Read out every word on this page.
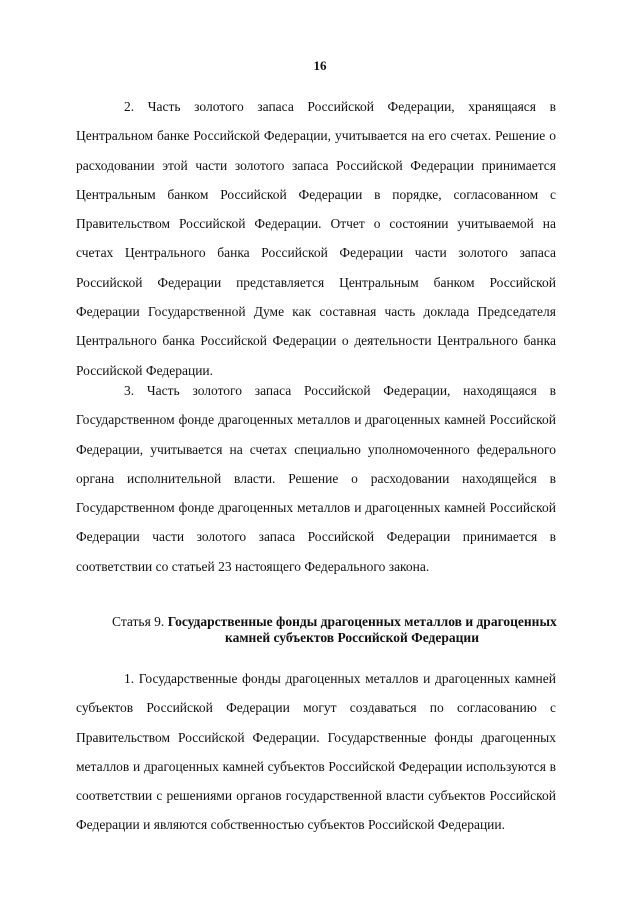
16

2. Часть золотого запаса Российской Федерации, хранящаяся в Центральном банке Российской Федерации, учитывается на его счетах. Решение о расходовании этой части золотого запаса Российской Федерации принимается Центральным банком Российской Федерации в порядке, согласованном с Правительством Российской Федерации. Отчет о состоянии учитываемой на счетах Центрального банка Российской Федерации части золотого запаса Российской Федерации представляется Центральным банком Российской Федерации Государственной Думе как составная часть доклада Председателя Центрального банка Российской Федерации о деятельности Центрального банка Российской Федерации.

3. Часть золотого запаса Российской Федерации, находящаяся в Государственном фонде драгоценных металлов и драгоценных камней Российской Федерации, учитывается на счетах специально уполномоченного федерального органа исполнительной власти. Решение о расходовании находящейся в Государственном фонде драгоценных металлов и драгоценных камней Российской Федерации части золотого запаса Российской Федерации принимается в соответствии со статьей 23 настоящего Федерального закона.

Статья 9. Государственные фонды драгоценных металлов и драгоценных
камней субъектов Российской Федерации

1. Государственные фонды драгоценных металлов и драгоценных камней субъектов Российской Федерации могут создаваться по согласованию с Правительством Российской Федерации. Государственные фонды драгоценных металлов и драгоценных камней субъектов Российской Федерации используются в соответствии с решениями органов государственной власти субъектов Российской Федерации и являются собственностью субъектов Российской Федерации.
